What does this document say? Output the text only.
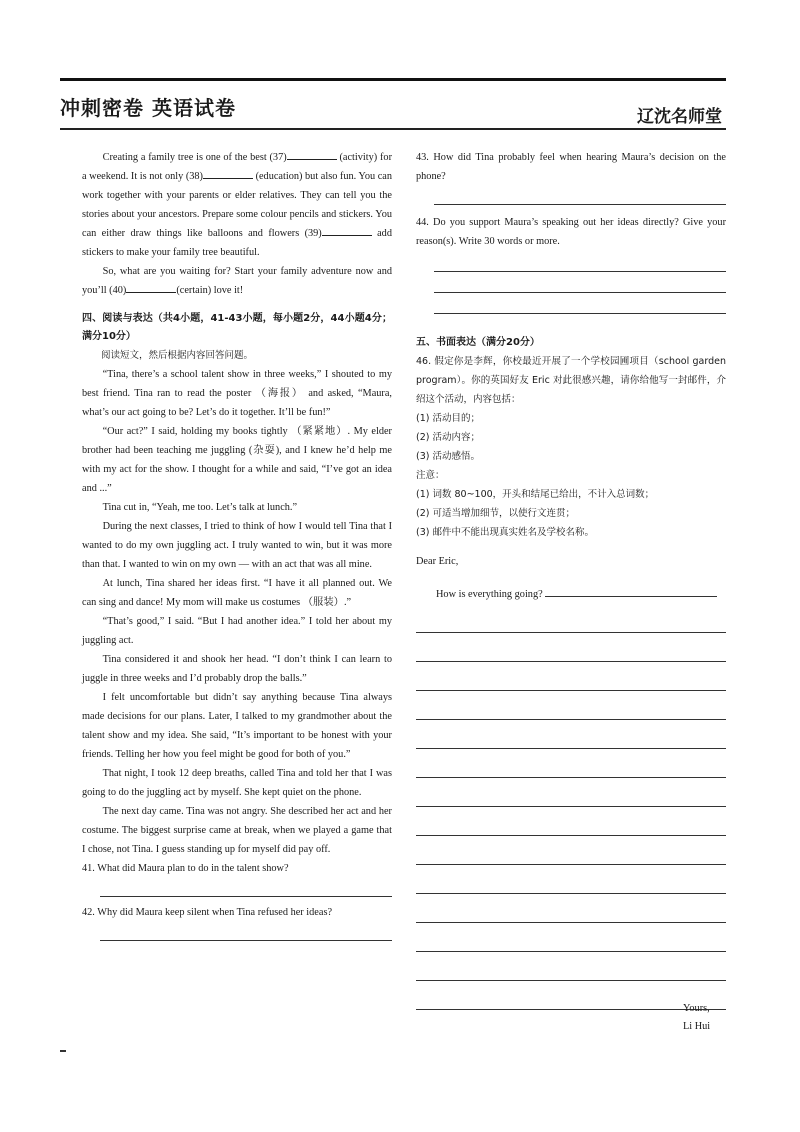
冲刺密卷 英语试卷	辽沈名师堂

Creating a family tree is one of the best (37)	(activity) for a weekend. It is not only (38)	(education) but also fun. You can work together with your parents or elder relatives. They can tell you the stories about your ancestors. Prepare some colour pencils and stickers. You can either draw things like balloons and flowers (39)	add stickers to make your family tree beautiful.

So, what are you waiting for? Start your family adventure now and you’ll (40)	(certain) love it!

四、阅读与表达（共4小题，41-43小题，每小题2分，44小题4分；满分10分）

阅读短文，然后根据内容回答问题。

“Tina, there’s a school talent show in three weeks,” I shouted to my best friend. Tina ran to read the poster （海报） and asked, “Maura, what’s our act going to be? Let’s do it together. It’ll be fun!”

“Our act?” I said, holding my books tightly （紧紧地）. My elder brother had been teaching me juggling (杂耍), and I knew he’d help me with my act for the show. I thought for a while and said, “I’ve got an idea and ...”

Tina cut in, “Yeah, me too. Let’s talk at lunch.”

During the next classes, I tried to think of how I would tell Tina that I wanted to do my own juggling act. I truly wanted to win, but it was more than that. I wanted to win on my own — with an act that was all mine.

At lunch, Tina shared her ideas first. “I have it all planned out. We can sing and dance! My mom will make us costumes （服装）.”

“That’s good,” I said. “But I had another idea.” I told her about my juggling act.

Tina considered it and shook her head. “I don’t think I can learn to juggle in three weeks and I’d probably drop the balls.”

I felt uncomfortable but didn’t say anything because Tina always made decisions for our plans. Later, I talked to my grandmother about the talent show and my idea. She said, “It’s important to be honest with your friends. Telling her how you feel might be good for both of you.”

That night, I took 12 deep breaths, called Tina and told her that I was going to do the juggling act by myself. She kept quiet on the phone.

The next day came. Tina was not angry. She described her act and her costume. The biggest surprise came at break, when we played a game that I chose, not Tina. I guess standing up for myself did pay off.

41. What did Maura plan to do in the talent show?

42. Why did Maura keep silent when Tina refused her ideas?

43. How did Tina probably feel when hearing Maura’s decision on the phone?

44. Do you support Maura’s speaking out her ideas directly? Give your reason(s). Write 30 words or more.

五、书面表达（满分20分）

46. 假定你是李辉，你校最近开展了一个学校园圃项目（school garden program）。你的英国好友 Eric 对此很感兴趣，请你给他写一封邮件，介绍这个活动，内容包括：

(1) 活动目的；

(2) 活动内容；

(3) 活动感悟。

注意：

(1) 词数 80~100，开头和结尾已给出，不计入总词数；

(2) 可适当增加细节，以使行文连贯；

(3) 邮件中不能出现真实姓名及学校名称。

Dear Eric,

How is everything going?

Yours,
Li Hui
